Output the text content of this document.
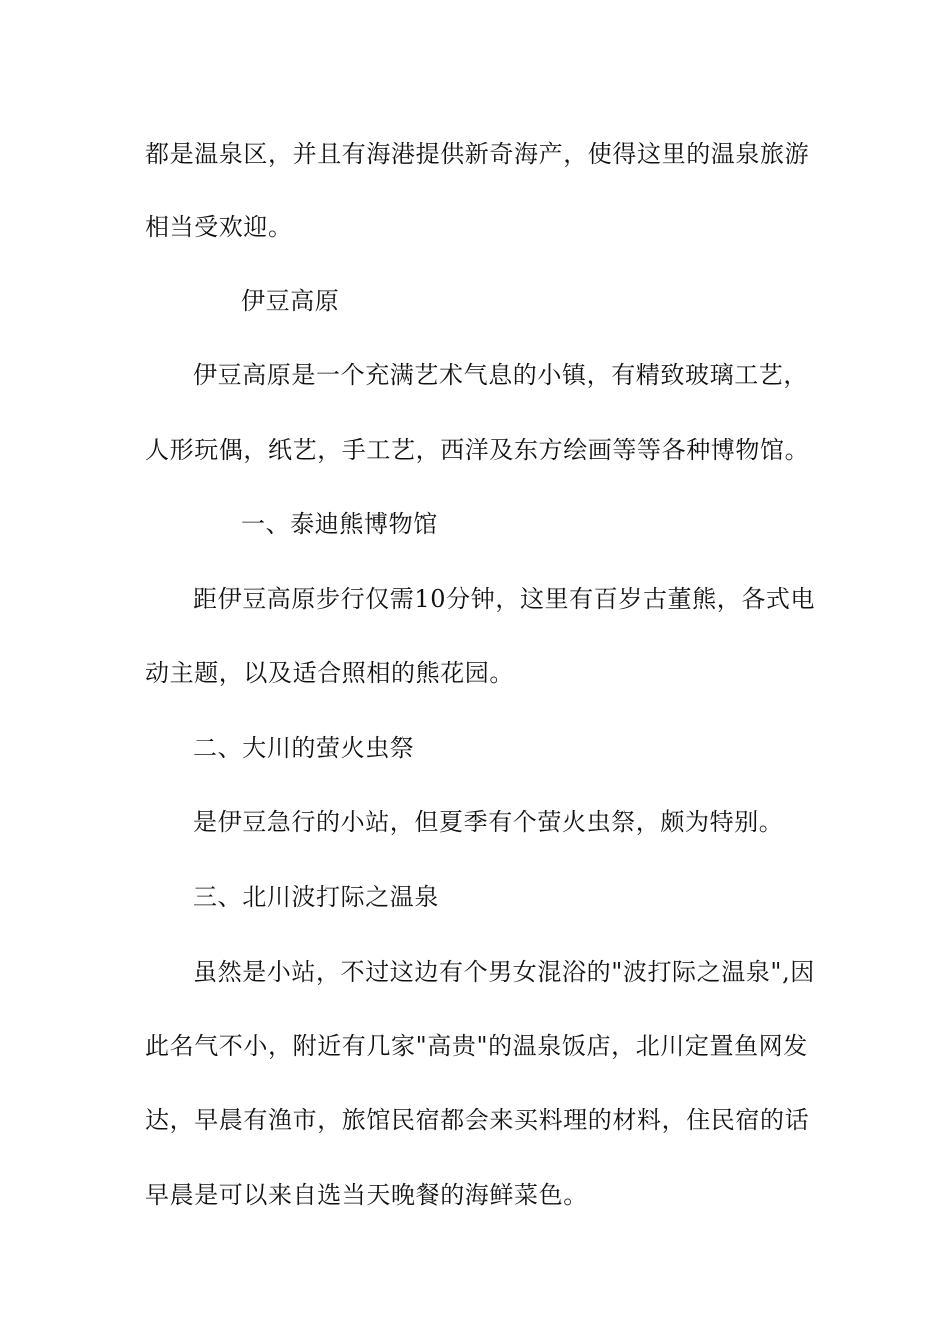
都是温泉区，并且有海港提供新奇海产，使得这里的温泉旅游
相当受欢迎。
伊豆高原
伊豆高原是一个充满艺术气息的小镇，有精致玻璃工艺，
人形玩偶，纸艺，手工艺，西洋及东方绘画等等各种博物馆。
一、泰迪熊博物馆
距伊豆高原步行仅需10分钟，这里有百岁古董熊，各式电
动主题，以及适合照相的熊花园。
二、大川的萤火虫祭
是伊豆急行的小站，但夏季有个萤火虫祭，颇为特别。
三、北川波打际之温泉
虽然是小站，不过这边有个男女混浴的"波打际之温泉",因
此名气不小，附近有几家"高贵"的温泉饭店，北川定置鱼网发
达，早晨有渔市，旅馆民宿都会来买料理的材料，住民宿的话
早晨是可以来自选当天晚餐的海鲜菜色。
